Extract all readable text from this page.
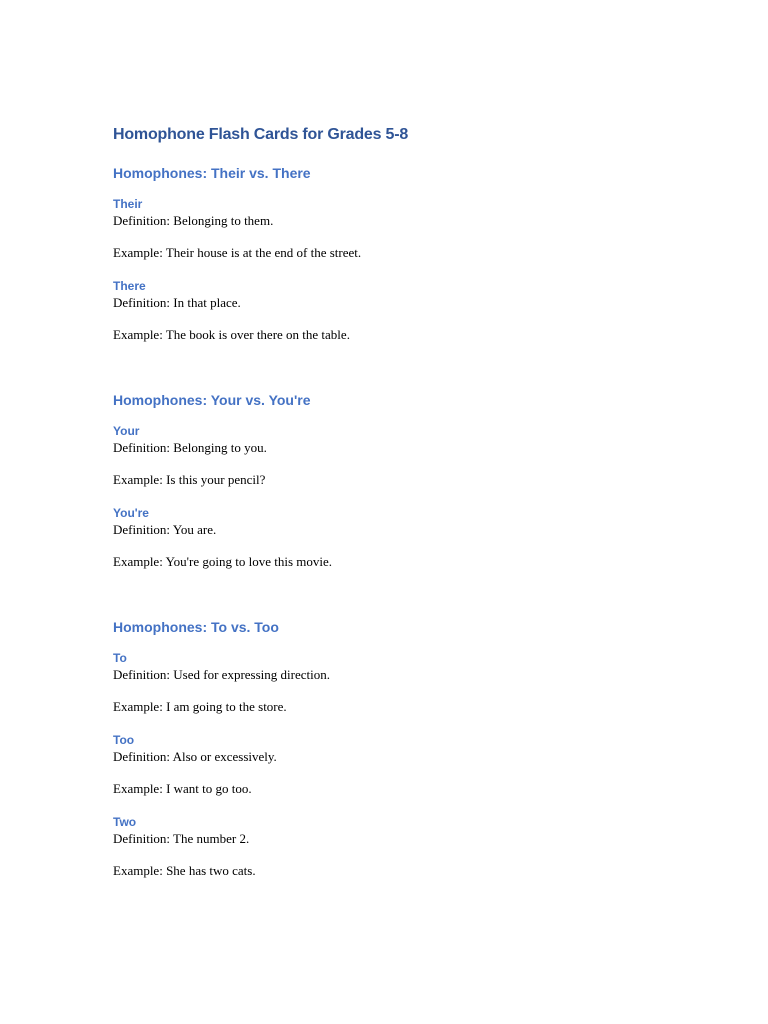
Homophone Flash Cards for Grades 5-8
Homophones: Their vs. There
Their

Definition: Belonging to them.

Example: Their house is at the end of the street.

There

Definition: In that place.

Example: The book is over there on the table.

Homophones: Your vs. You're
Your

Definition: Belonging to you.

Example: Is this your pencil?

You're

Definition: You are.

Example: You're going to love this movie.

Homophones: To vs. Too
To

Definition: Used for expressing direction.

Example: I am going to the store.

Too

Definition: Also or excessively.

Example: I want to go too.

Two

Definition: The number 2.

Example: She has two cats.
